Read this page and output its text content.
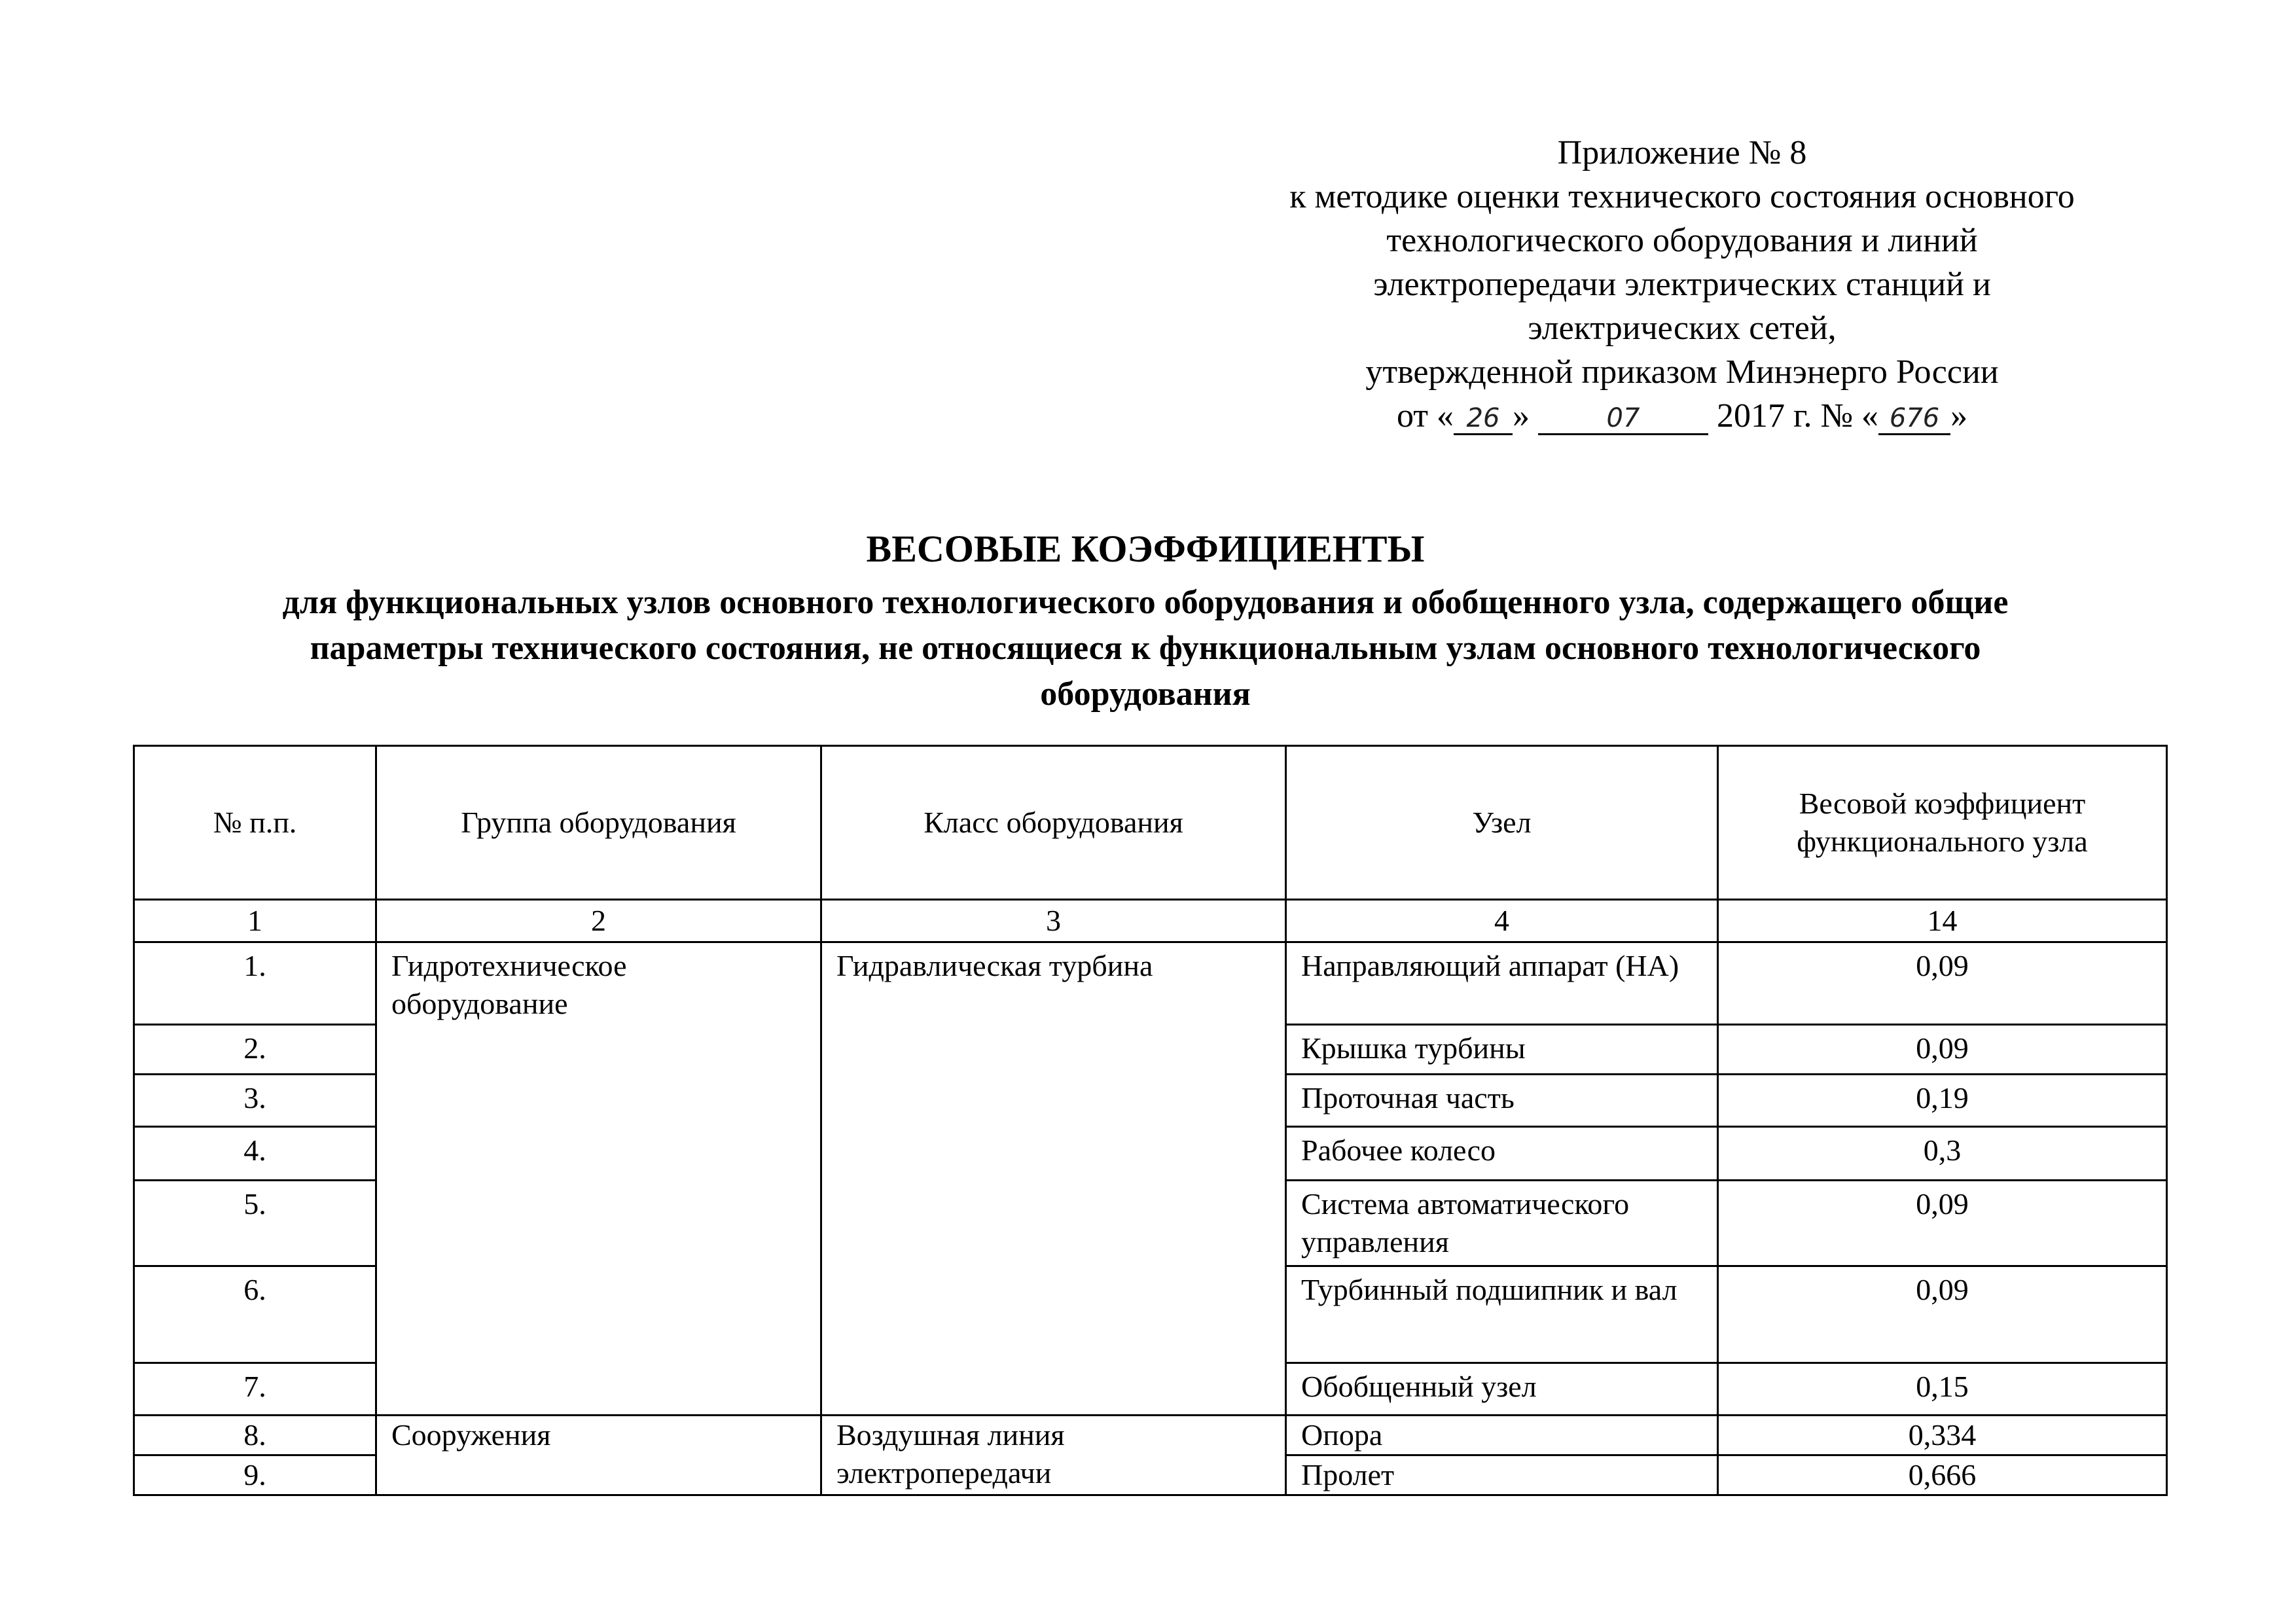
Приложение № 8
к методике оценки технического состояния основного
технологического оборудования и линий
электропередачи электрических станций и
электрических сетей,
утвержденной приказом Минэнерго России
от « 26 »	07 2017 г. № « 676 »
ВЕСОВЫЕ КОЭФФИЦИЕНТЫ
для функциональных узлов основного технологического оборудования и обобщенного узла, содержащего общие
параметры технического состояния, не относящиеся к функциональным узлам основного технологического
оборудования
№ п.п.	Группа оборудования	Класс оборудования	Узел	Весовой коэффициент функционального узла
1	2	3	4	14
1.	Гидротехническое оборудование	Гидравлическая турбина	Направляющий аппарат (НА)	0,09
2.			Крышка турбины	0,09
3.			Проточная часть	0,19
4.			Рабочее колесо	0,3
5.			Система автоматического управления	0,09
6.			Турбинный подшипник и вал	0,09
7.			Обобщенный узел	0,15
8.	Сооружения	Воздушная линия электропередачи	Опора	0,334
9.			Пролет	0,666
